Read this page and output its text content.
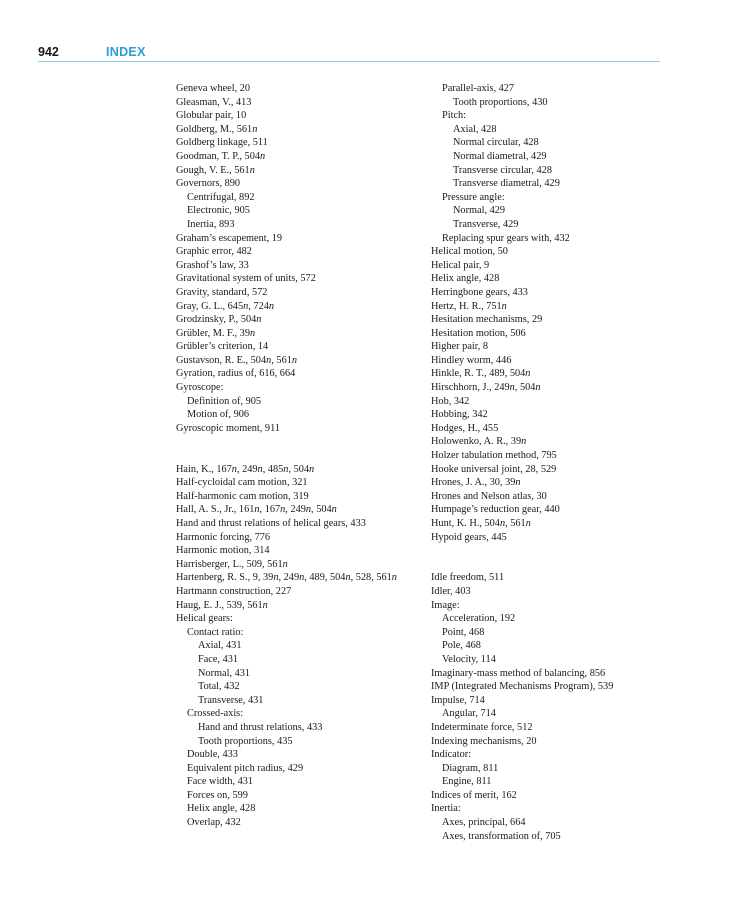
942	INDEX
Geneva wheel, 20
Gleasman, V., 413
Globular pair, 10
Goldberg, M., 561n
Goldberg linkage, 511
Goodman, T. P., 504n
Gough, V. E., 561n
Governors, 890
Centrifugal, 892
Electronic, 905
Inertia, 893
Graham’s escapement, 19
Graphic error, 482
Grashof’s law, 33
Gravitational system of units, 572
Gravity, standard, 572
Gray, G. L., 645n, 724n
Grodzinsky, P., 504n
Grübler, M. F., 39n
Grübler’s criterion, 14
Gustavson, R. E., 504n, 561n
Gyration, radius of, 616, 664
Gyroscope:
Definition of, 905
Motion of, 906
Gyroscopic moment, 911
Hain, K., 167n, 249n, 485n, 504n
Half-cycloidal cam motion, 321
Half-harmonic cam motion, 319
Hall, A. S., Jr., 161n, 167n, 249n, 504n
Hand and thrust relations of helical gears, 433
Harmonic forcing, 776
Harmonic motion, 314
Harrisberger, L., 509, 561n
Hartenberg, R. S., 9, 39n, 249n, 489, 504n, 528, 561n
Hartmann construction, 227
Haug, E. J., 539, 561n
Helical gears:
Contact ratio:
Axial, 431
Face, 431
Normal, 431
Total, 432
Transverse, 431
Crossed-axis:
Hand and thrust relations, 433
Tooth proportions, 435
Double, 433
Equivalent pitch radius, 429
Face width, 431
Forces on, 599
Helix angle, 428
Overlap, 432
Parallel-axis, 427
Tooth proportions, 430
Pitch:
Axial, 428
Normal circular, 428
Normal diametral, 429
Transverse circular, 428
Transverse diametral, 429
Pressure angle:
Normal, 429
Transverse, 429
Replacing spur gears with, 432
Helical motion, 50
Helical pair, 9
Helix angle, 428
Herringbone gears, 433
Hertz, H. R., 751n
Hesitation mechanisms, 29
Hesitation motion, 506
Higher pair, 8
Hindley worm, 446
Hinkle, R. T., 489, 504n
Hirschhorn, J., 249n, 504n
Hob, 342
Hobbing, 342
Hodges, H., 455
Holowenko, A. R., 39n
Holzer tabulation method, 795
Hooke universal joint, 28, 529
Hrones, J. A., 30, 39n
Hrones and Nelson atlas, 30
Humpage’s reduction gear, 440
Hunt, K. H., 504n, 561n
Hypoid gears, 445
Idle freedom, 511
Idler, 403
Image:
Acceleration, 192
Point, 468
Pole, 468
Velocity, 114
Imaginary-mass method of balancing, 856
IMP (Integrated Mechanisms Program), 539
Impulse, 714
Angular, 714
Indeterminate force, 512
Indexing mechanisms, 20
Indicator:
Diagram, 811
Engine, 811
Indices of merit, 162
Inertia:
Axes, principal, 664
Axes, transformation of, 705
